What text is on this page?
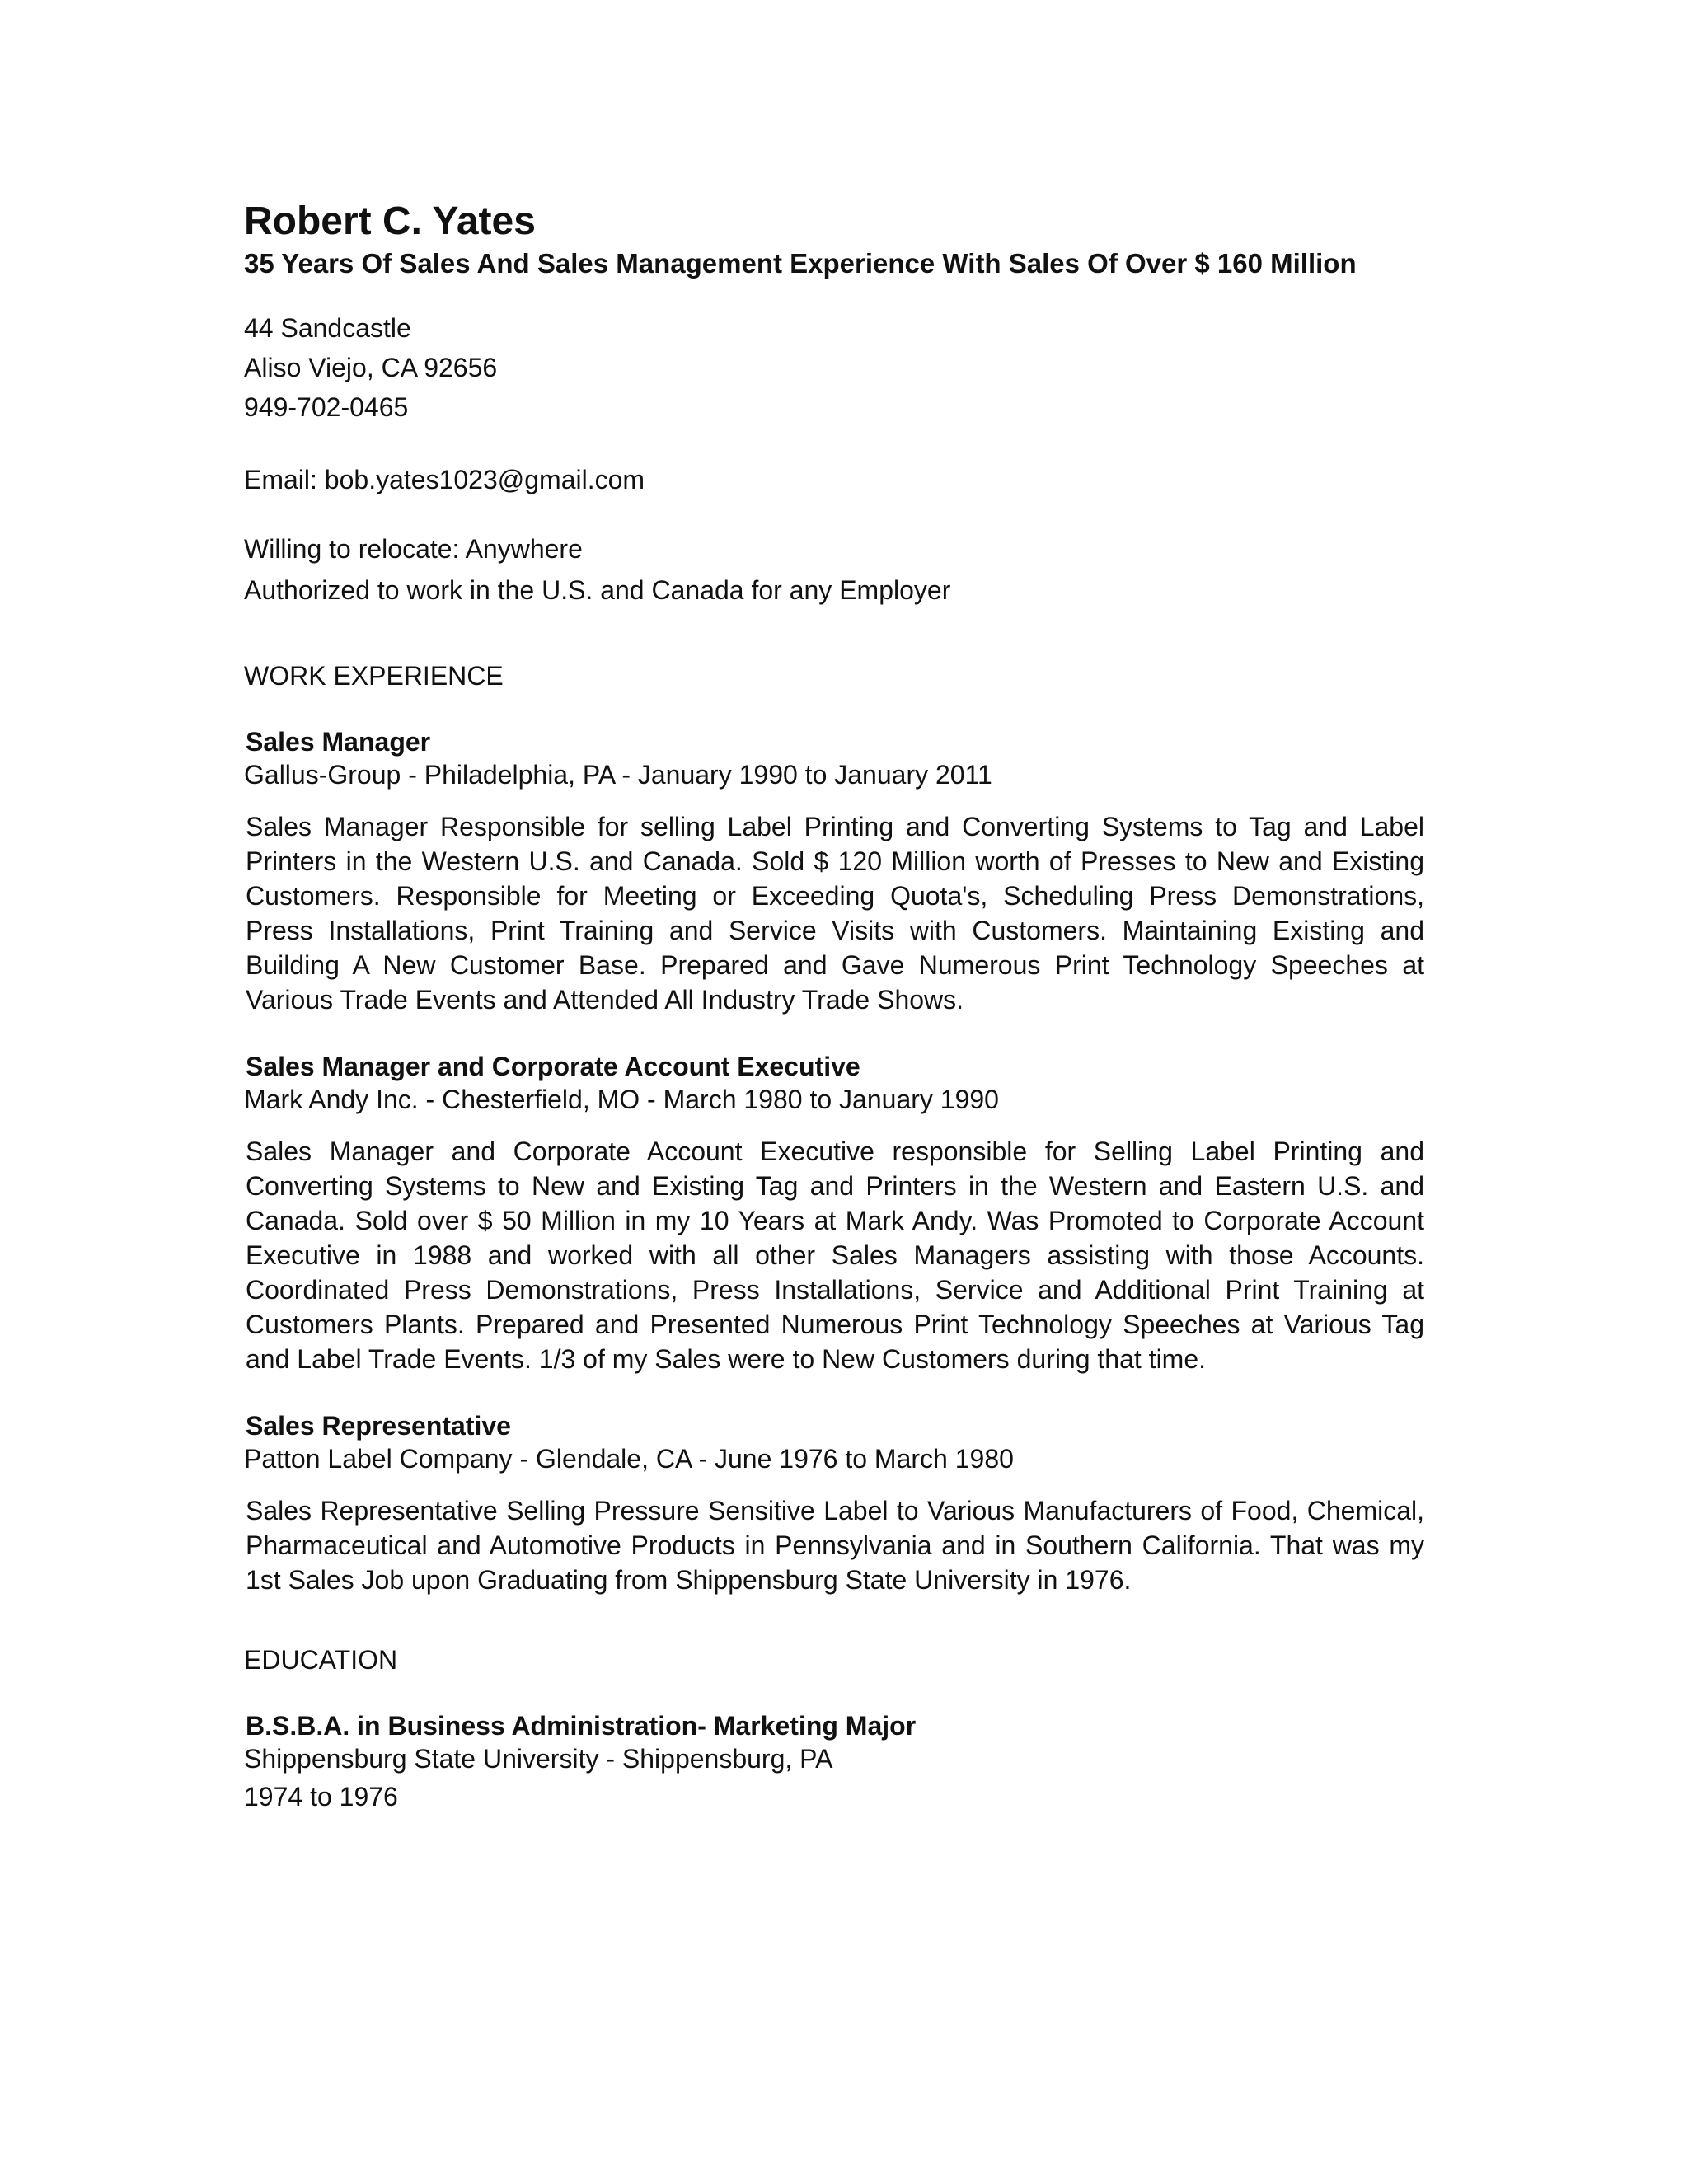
Robert C. Yates
35 Years Of Sales And Sales Management Experience With Sales Of Over $ 160 Million
44 Sandcastle
Aliso Viejo, CA 92656
949-702-0465
Email: bob.yates1023@gmail.com
Willing to relocate: Anywhere
Authorized to work in the U.S. and Canada for any Employer
WORK EXPERIENCE
Sales Manager
Gallus-Group - Philadelphia, PA - January 1990 to January 2011
Sales Manager Responsible for selling Label Printing and Converting Systems to Tag and Label Printers in the Western U.S. and Canada. Sold $ 120 Million worth of Presses to New and Existing Customers. Responsible for Meeting or Exceeding Quota's, Scheduling Press Demonstrations, Press Installations, Print Training and Service Visits with Customers. Maintaining Existing and Building A New Customer Base. Prepared and Gave Numerous Print Technology Speeches at Various Trade Events and Attended All Industry Trade Shows.
Sales Manager and Corporate Account Executive
Mark Andy Inc. - Chesterfield, MO - March 1980 to January 1990
Sales Manager and Corporate Account Executive responsible for Selling Label Printing and Converting Systems to New and Existing Tag and Printers in the Western and Eastern U.S. and Canada. Sold over $ 50 Million in my 10 Years at Mark Andy. Was Promoted to Corporate Account Executive in 1988 and worked with all other Sales Managers assisting with those Accounts. Coordinated Press Demonstrations, Press Installations, Service and Additional Print Training at Customers Plants. Prepared and Presented Numerous Print Technology Speeches at Various Tag and Label Trade Events. 1/3 of my Sales were to New Customers during that time.
Sales Representative
Patton Label Company - Glendale, CA - June 1976 to March 1980
Sales Representative Selling Pressure Sensitive Label to Various Manufacturers of Food, Chemical, Pharmaceutical and Automotive Products in Pennsylvania and in Southern California. That was my 1st Sales Job upon Graduating from Shippensburg State University in 1976.
EDUCATION
B.S.B.A. in Business Administration- Marketing Major
Shippensburg State University - Shippensburg, PA
1974 to 1976
